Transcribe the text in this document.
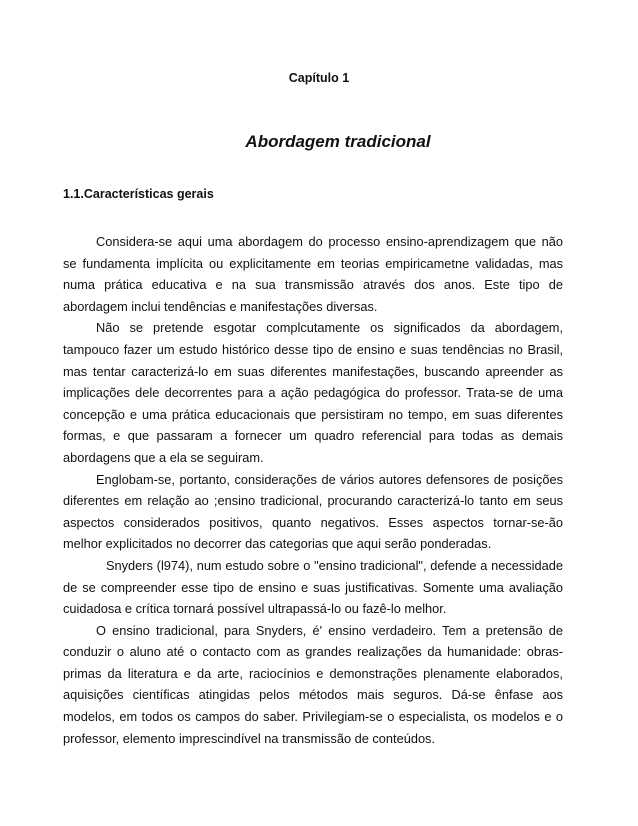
Capítulo 1
Abordagem tradicional
1.1.Características gerais

Considera-se aqui uma abordagem do processo ensino-aprendizagem que não se fundamenta implícita ou explicitamente em teorias empiricametne validadas, mas numa prática educativa e na sua transmissão através dos anos. Este tipo de abordagem inclui tendências e manifestações diversas.

Não se pretende esgotar complcutamente os significados da abordagem, tampouco fazer um estudo histórico desse tipo de ensino e suas tendências no Brasil, mas tentar caracterizá-lo em suas diferentes manifestações, buscando apreender as implicações dele decorrentes para a ação pedagógica do professor. Trata-se de uma concepção e uma prática educacionais que persistiram no tempo, em suas diferentes formas, e que passaram a fornecer um quadro referencial para todas as demais abordagens que a ela se seguiram.

Englobam-se, portanto, considerações de vários autores defensores de posições diferentes em relação ao ;ensino tradicional, procurando caracterizá-lo tanto em seus aspectos considerados positivos, quanto negativos. Esses aspectos tornar-se-ão melhor explicitados no decorrer das categorias que aqui serão ponderadas.

Snyders (l974), num estudo sobre o "ensino tradicional", defende a necessidade de se compreender esse tipo de ensino e suas justificativas. Somente uma avaliação cuidadosa e crítica tornará possível ultrapassá-lo ou fazê-lo melhor.

O ensino tradicional, para Snyders, é' ensino verdadeiro. Tem a pretensão de conduzir o aluno até o contacto com as grandes realizações da humanidade: obras-primas da literatura e da arte, raciocínios e demonstrações plenamente elaborados, aquisições científicas atingidas pelos métodos mais seguros. Dá-se ênfase aos modelos, em todos os campos do saber. Privilegiam-se o especialista, os modelos e o professor, elemento imprescindível na transmissão de conteúdos.
